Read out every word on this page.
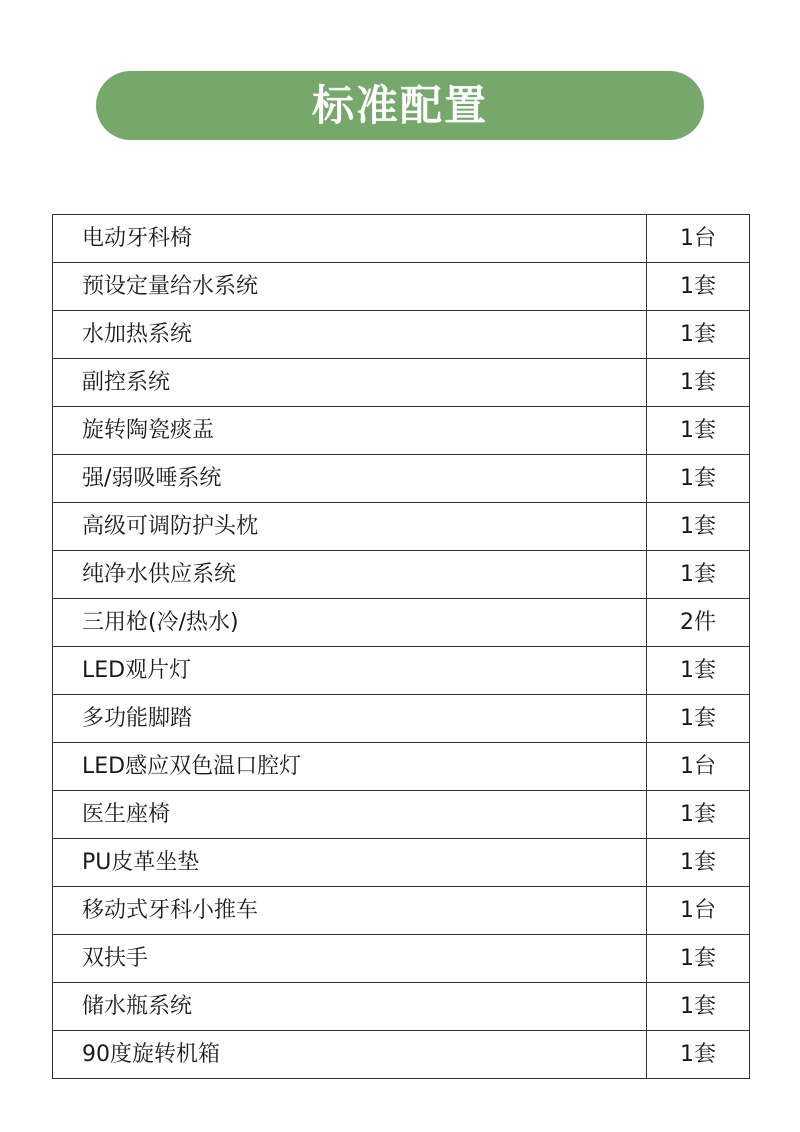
标准配置
电动牙科椅	1台
预设定量给水系统	1套
水加热系统	1套
副控系统	1套
旋转陶瓷痰盂	1套
强/弱吸唾系统	1套
高级可调防护头枕	1套
纯净水供应系统	1套
三用枪(冷/热水)	2件
LED观片灯	1套
多功能脚踏	1套
LED感应双色温口腔灯	1台
医生座椅	1套
PU皮革坐垫	1套
移动式牙科小推车	1台
双扶手	1套
储水瓶系统	1套
90度旋转机箱	1套
